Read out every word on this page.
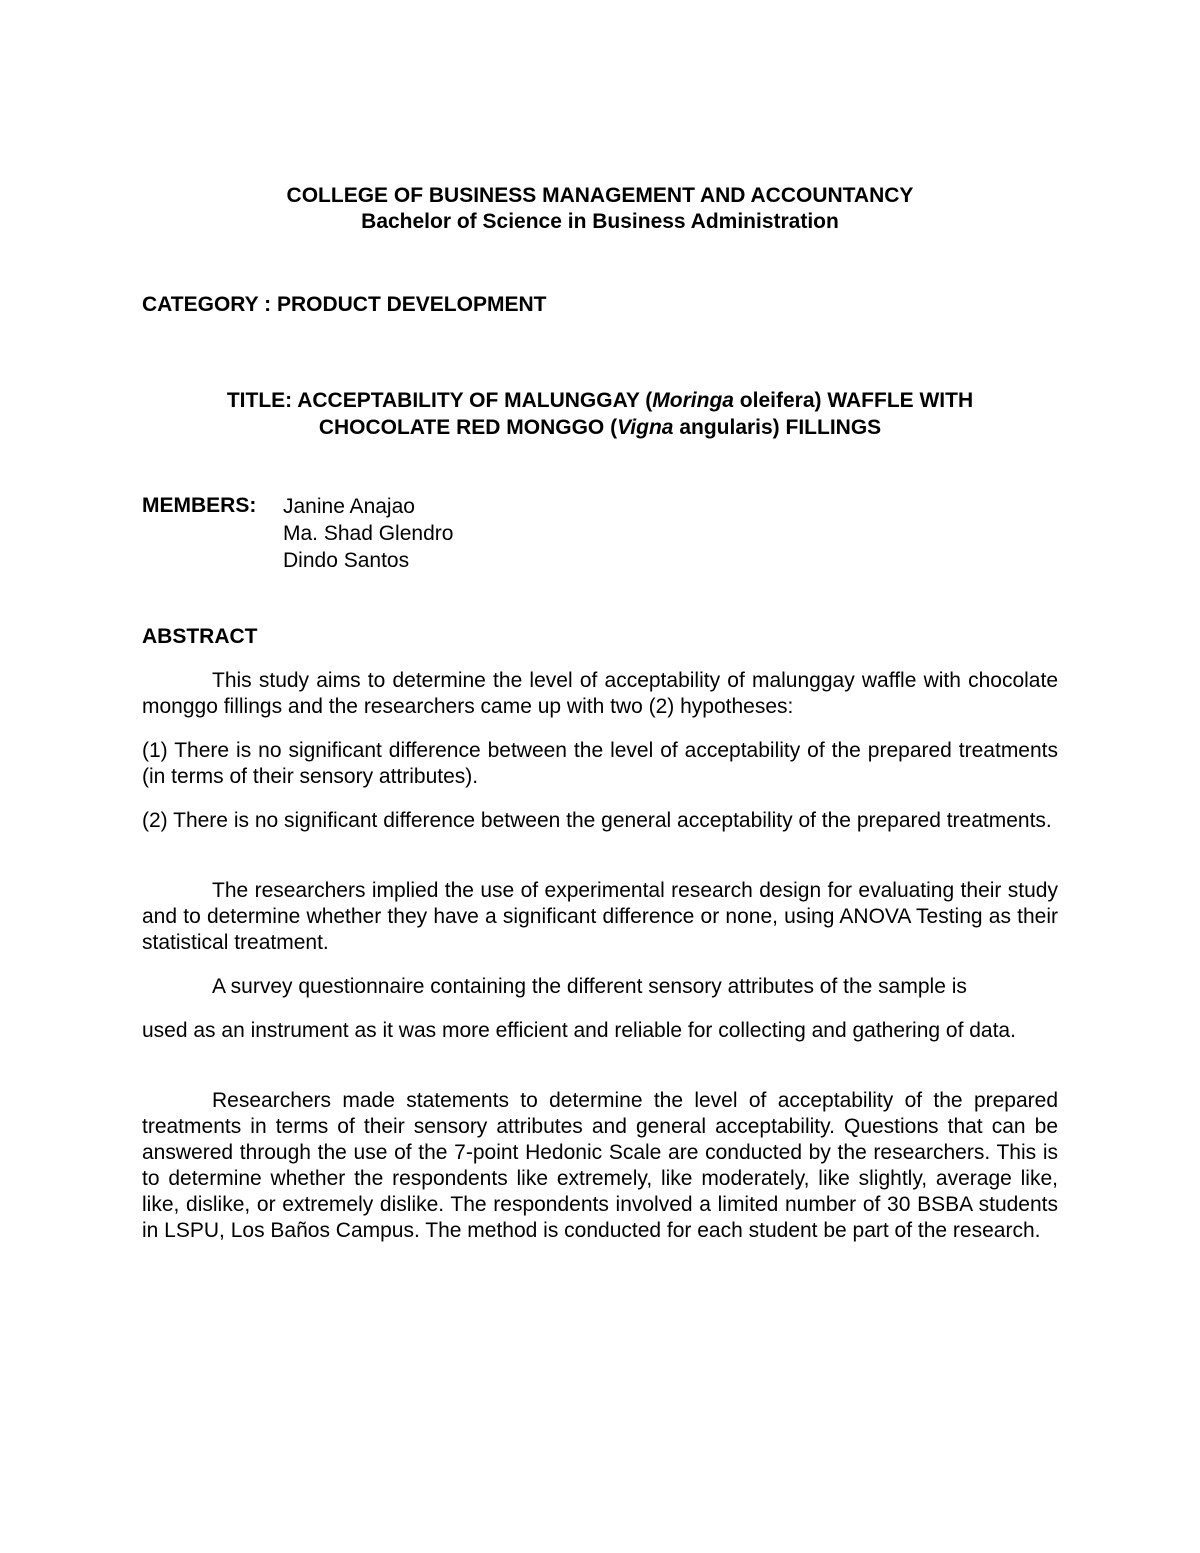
COLLEGE OF BUSINESS MANAGEMENT AND ACCOUNTANCY
Bachelor of Science in Business Administration
CATEGORY : PRODUCT DEVELOPMENT
TITLE: ACCEPTABILITY OF MALUNGGAY (Moringa oleifera) WAFFLE WITH
CHOCOLATE RED MONGGO (Vigna angularis) FILLINGS
MEMBERS: Janine Anajao
Ma. Shad Glendro
Dindo Santos
ABSTRACT

This study aims to determine the level of acceptability of malunggay waffle with chocolate monggo fillings and the researchers came up with two (2) hypotheses:

(1) There is no significant difference between the level of acceptability of the prepared treatments (in terms of their sensory attributes).

(2) There is no significant difference between the general acceptability of the prepared treatments.

The researchers implied the use of experimental research design for evaluating their study and to determine whether they have a significant difference or none, using ANOVA Testing as their statistical treatment.

A survey questionnaire containing the different sensory attributes of the sample is

used as an instrument as it was more efficient and reliable for collecting and gathering of data.

Researchers made statements to determine the level of acceptability of the prepared treatments in terms of their sensory attributes and general acceptability. Questions that can be answered through the use of the 7-point Hedonic Scale are conducted by the researchers. This is to determine whether the respondents like extremely, like moderately, like slightly, average like, like, dislike, or extremely dislike. The respondents involved a limited number of 30 BSBA students in LSPU, Los Baños Campus. The method is conducted for each student be part of the research.
